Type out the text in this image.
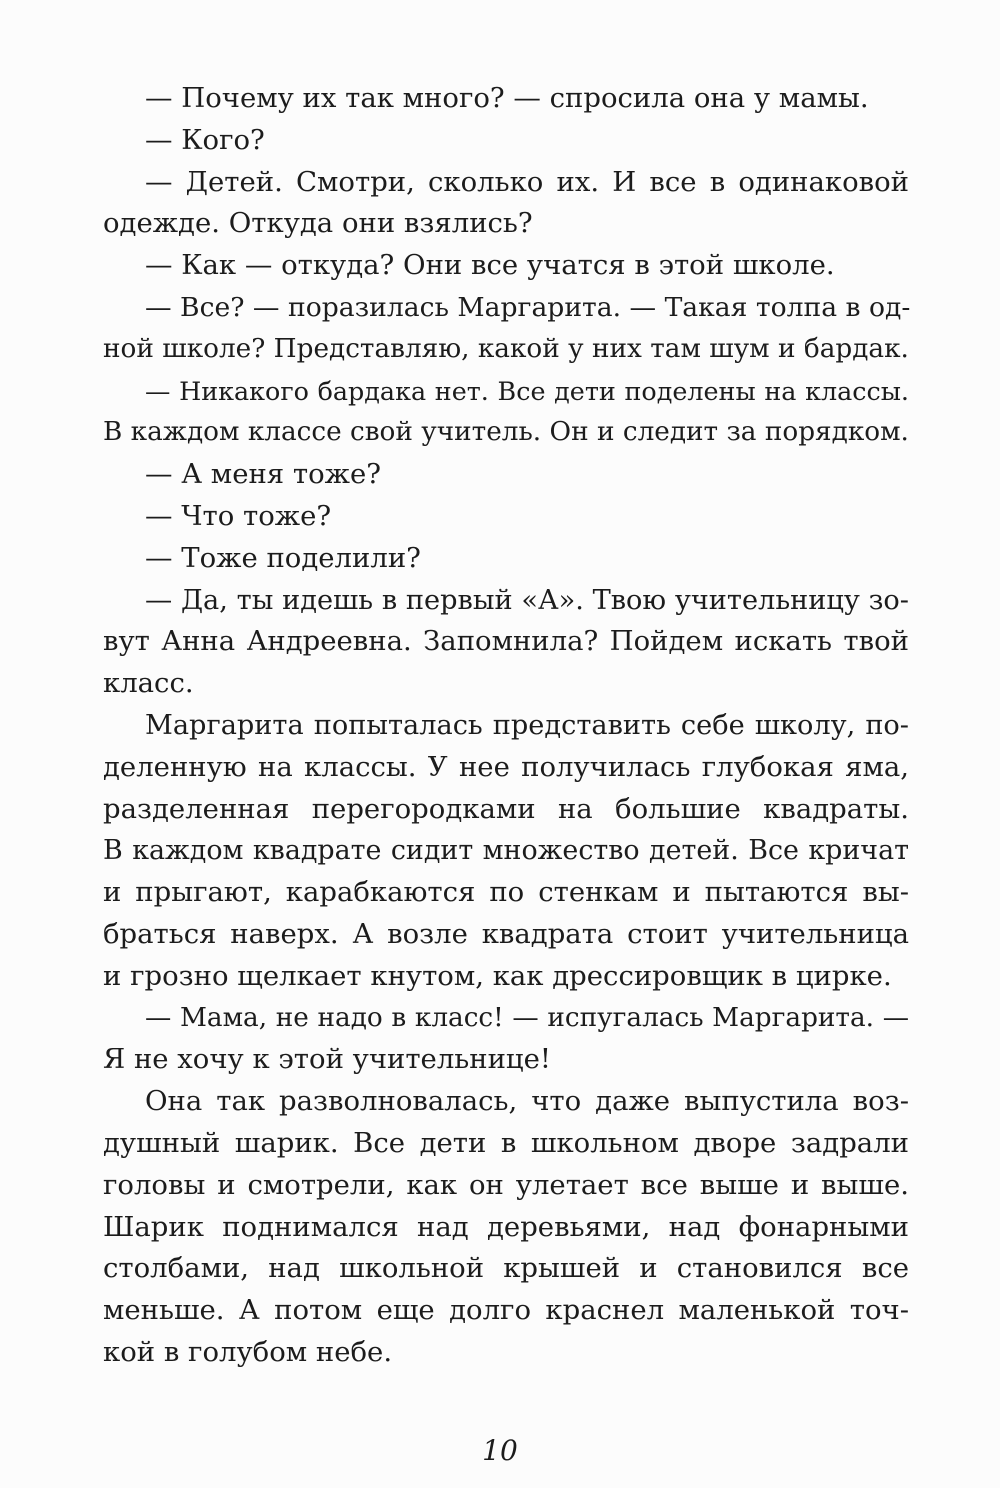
— Почему их так много? — спросила она у мамы.
— Кого?
— Детей. Смотри, сколько их. И все в одинаковой
одежде. Откуда они взялись?
— Как — откуда? Они все учатся в этой школе.
— Все? — поразилась Маргарита. — Такая толпа в од-
ной школе? Представляю, какой у них там шум и бардак.
— Никакого бардака нет. Все дети поделены на классы.
В каждом классе свой учитель. Он и следит за порядком.
— А меня тоже?
— Что тоже?
— Тоже поделили?
— Да, ты идешь в первый «А». Твою учительницу зо-
вут Анна Андреевна. Запомнила? Пойдем искать твой
класс.
Маргарита попыталась представить себе школу, по-
деленную на классы. У нее получилась глубокая яма,
разделенная перегородками на большие квадраты.
В каждом квадрате сидит множество детей. Все кричат
и прыгают, карабкаются по стенкам и пытаются вы-
браться наверх. А возле квадрата стоит учительница
и грозно щелкает кнутом, как дрессировщик в цирке.
— Мама, не надо в класс! — испугалась Маргарита. —
Я не хочу к этой учительнице!
Она так разволновалась, что даже выпустила воз-
душный шарик. Все дети в школьном дворе задрали
головы и смотрели, как он улетает все выше и выше.
Шарик поднимался над деревьями, над фонарными
столбами, над школьной крышей и становился все
меньше. А потом еще долго краснел маленькой точ-
кой в голубом небе.
10
